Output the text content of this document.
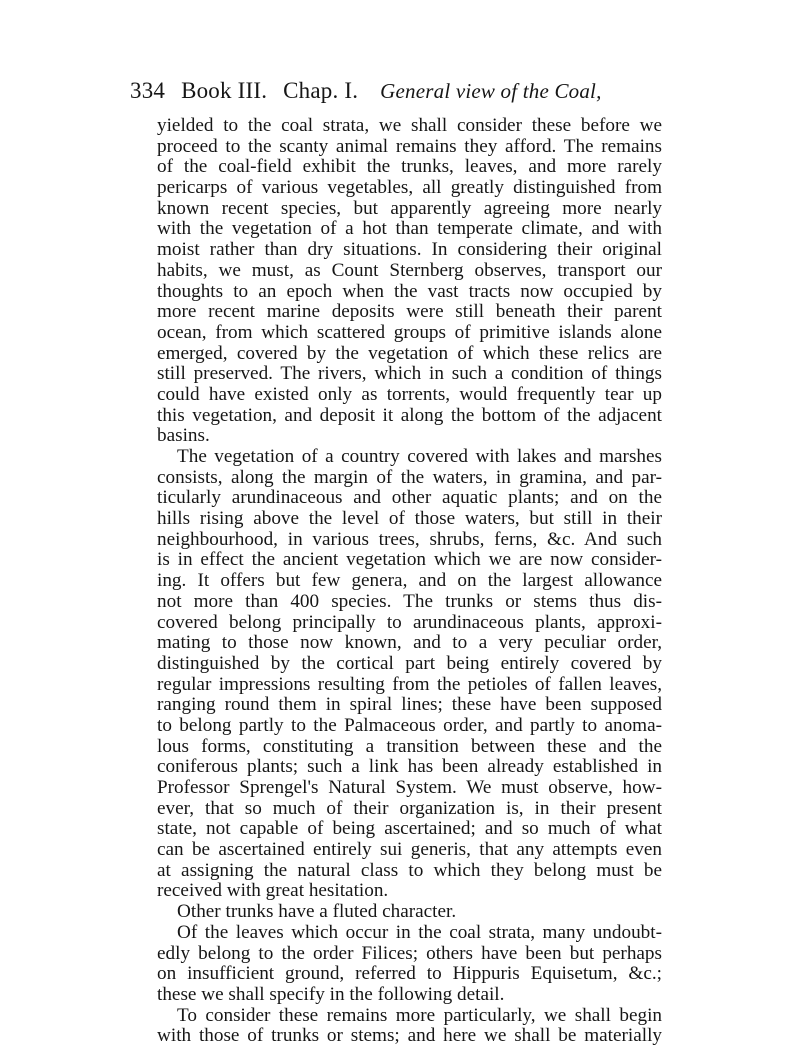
334 Book III. Chap. I. General view of the Coal,
yielded to the coal strata, we shall consider these before we
proceed to the scanty animal remains they afford. The remains
of the coal-field exhibit the trunks, leaves, and more rarely
pericarps of various vegetables, all greatly distinguished from
known recent species, but apparently agreeing more nearly
with the vegetation of a hot than temperate climate, and with
moist rather than dry situations. In considering their original
habits, we must, as Count Sternberg observes, transport our
thoughts to an epoch when the vast tracts now occupied by
more recent marine deposits were still beneath their parent
ocean, from which scattered groups of primitive islands alone
emerged, covered by the vegetation of which these relics are
still preserved. The rivers, which in such a condition of things
could have existed only as torrents, would frequently tear up
this vegetation, and deposit it along the bottom of the adjacent
basins.
The vegetation of a country covered with lakes and marshes
consists, along the margin of the waters, in gramina, and par-
ticularly arundinaceous and other aquatic plants; and on the
hills rising above the level of those waters, but still in their
neighbourhood, in various trees, shrubs, ferns, &c. And such
is in effect the ancient vegetation which we are now consider-
ing. It offers but few genera, and on the largest allowance
not more than 400 species. The trunks or stems thus dis-
covered belong principally to arundinaceous plants, approxi-
mating to those now known, and to a very peculiar order,
distinguished by the cortical part being entirely covered by
regular impressions resulting from the petioles of fallen leaves,
ranging round them in spiral lines; these have been supposed
to belong partly to the Palmaceous order, and partly to anoma-
lous forms, constituting a transition between these and the
coniferous plants; such a link has been already established in
Professor Sprengel's Natural System. We must observe, how-
ever, that so much of their organization is, in their present
state, not capable of being ascertained; and so much of what
can be ascertained entirely sui generis, that any attempts even
at assigning the natural class to which they belong must be
received with great hesitation.
Other trunks have a fluted character.
Of the leaves which occur in the coal strata, many undoubt-
edly belong to the order Filices; others have been but perhaps
on insufficient ground, referred to Hippuris Equisetum, &c.;
these we shall specify in the following detail.
To consider these remains more particularly, we shall begin
with those of trunks or stems; and here we shall be materially
